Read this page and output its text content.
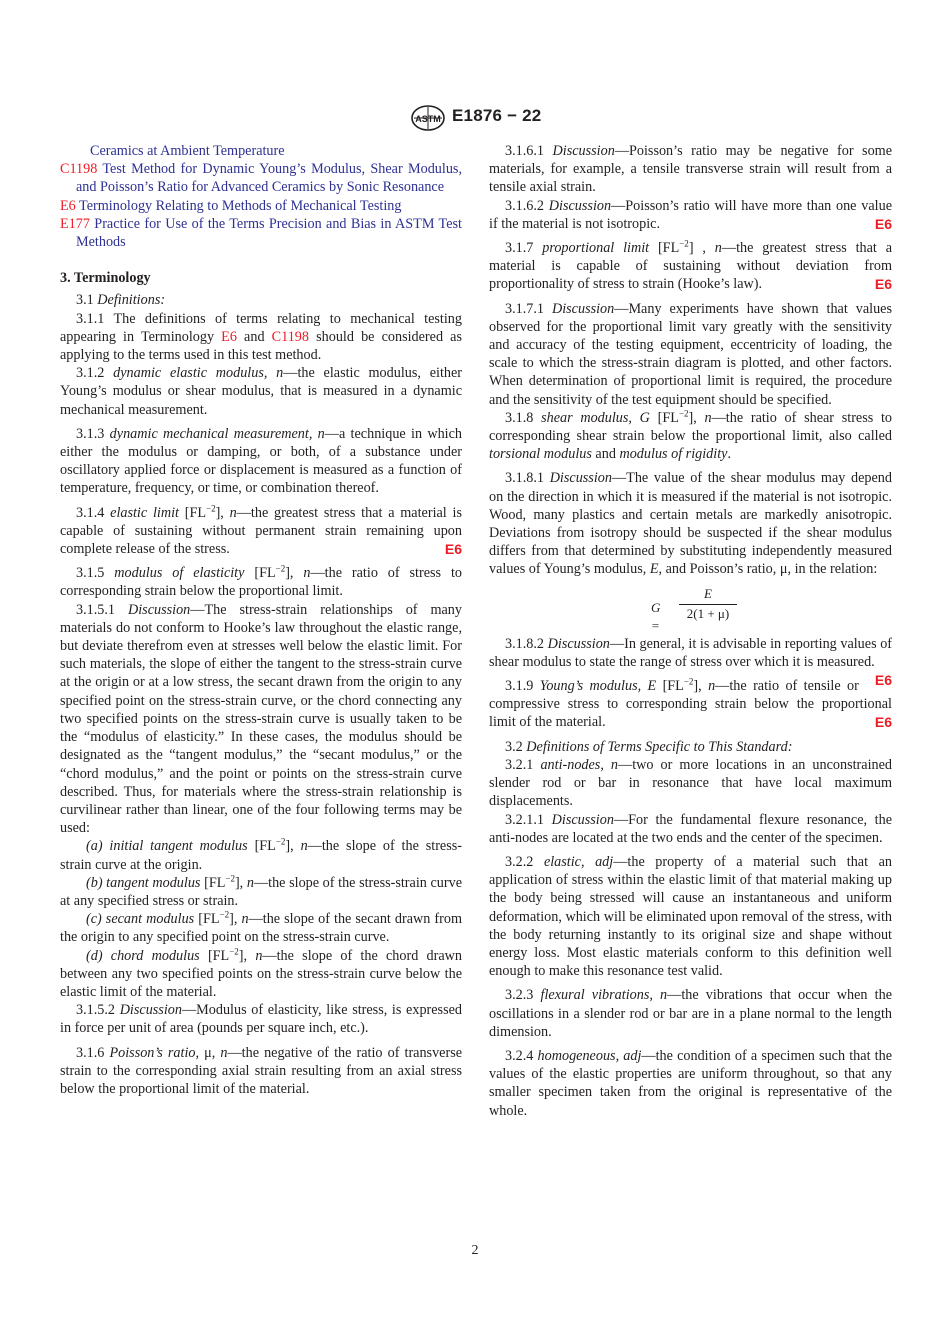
ASTM E1876 − 22

Ceramics at Ambient Temperature

C1198 Test Method for Dynamic Young’s Modulus, Shear Modulus, and Poisson’s Ratio for Advanced Ceramics by Sonic Resonance

E6 Terminology Relating to Methods of Mechanical Testing

E177 Practice for Use of the Terms Precision and Bias in ASTM Test Methods

3. Terminology

3.1 Definitions:

3.1.1 The definitions of terms relating to mechanical testing appearing in Terminology E6 and C1198 should be considered as applying to the terms used in this test method.

3.1.2 dynamic elastic modulus, n—the elastic modulus, either Young’s modulus or shear modulus, that is measured in a dynamic mechanical measurement.

3.1.3 dynamic mechanical measurement, n—a technique in which either the modulus or damping, or both, of a substance under oscillatory applied force or displacement is measured as a function of temperature, frequency, or time, or combination thereof.

3.1.4 elastic limit $[FL^{-2}]$, n—the greatest stress that a material is capable of sustaining without permanent strain remaining upon complete release of the stress.	E6

3.1.5 modulus of elasticity $[FL^{-2}]$, n—the ratio of stress to corresponding strain below the proportional limit.

3.1.5.1 Discussion—The stress-strain relationships of many materials do not conform to Hooke’s law throughout the elastic range, but deviate therefrom even at stresses well below the elastic limit. For such materials, the slope of either the tangent to the stress-strain curve at the origin or at a low stress, the secant drawn from the origin to any specified point on the stress-strain curve, or the chord connecting any two specified points on the stress-strain curve is usually taken to be the “modulus of elasticity.” In these cases, the modulus should be designated as the “tangent modulus,” the “secant modulus,” or the “chord modulus,” and the point or points on the stress-strain curve described. Thus, for materials where the stress-strain relationship is curvilinear rather than linear, one of the four following terms may be used:

(a) initial tangent modulus $[FL^{-2}]$, n—the slope of the stress-strain curve at the origin.

(b) tangent modulus $[FL^{-2}]$, n—the slope of the stress-strain curve at any specified stress or strain.

(c) secant modulus $[FL^{-2}]$, n—the slope of the secant drawn from the origin to any specified point on the stress-strain curve.

(d) chord modulus $[FL^{-2}]$, n—the slope of the chord drawn between any two specified points on the stress-strain curve below the elastic limit of the material.

3.1.5.2 Discussion—Modulus of elasticity, like stress, is expressed in force per unit of area (pounds per square inch, etc.).

3.1.6 Poisson’s ratio, μ, n—the negative of the ratio of transverse strain to the corresponding axial strain resulting from an axial stress below the proportional limit of the material.

3.1.6.1 Discussion—Poisson’s ratio may be negative for some materials, for example, a tensile transverse strain will result from a tensile axial strain.

3.1.6.2 Discussion—Poisson’s ratio will have more than one value if the material is not isotropic.	E6

3.1.7 proportional limit $[FL^{-2}]$ , n—the greatest stress that a material is capable of sustaining without deviation from proportionality of stress to strain (Hooke’s law).	E6

3.1.7.1 Discussion—Many experiments have shown that values observed for the proportional limit vary greatly with the sensitivity and accuracy of the testing equipment, eccentricity of loading, the scale to which the stress-strain diagram is plotted, and other factors. When determination of proportional limit is required, the procedure and the sensitivity of the test equipment should be specified.

3.1.8 shear modulus, G $[FL^{-2}]$, n—the ratio of shear stress to corresponding shear strain below the proportional limit, also called torsional modulus and modulus of rigidity.

3.1.8.1 Discussion—The value of the shear modulus may depend on the direction in which it is measured if the material is not isotropic. Wood, many plastics and certain metals are markedly anisotropic. Deviations from isotropy should be suspected if the shear modulus differs from that determined by substituting independently measured values of Young’s modulus, E, and Poisson’s ratio, μ, in the relation:

G =
$\frac{E}{2(1 + \mu)}$

3.1.8.2 Discussion—In general, it is advisable in reporting values of shear modulus to state the range of stress over which it is measured.
E6

3.1.9 Young’s modulus, E $[FL^{-2}]$, n—the ratio of tensile or compressive stress to corresponding strain below the proportional limit of the material.	E6

3.2 Definitions of Terms Specific to This Standard:

3.2.1 anti-nodes, n—two or more locations in an unconstrained slender rod or bar in resonance that have local maximum displacements.

3.2.1.1 Discussion—For the fundamental flexure resonance, the anti-nodes are located at the two ends and the center of the specimen.

3.2.2 elastic, adj—the property of a material such that an application of stress within the elastic limit of that material making up the body being stressed will cause an instantaneous and uniform deformation, which will be eliminated upon removal of the stress, with the body returning instantly to its original size and shape without energy loss. Most elastic materials conform to this definition well enough to make this resonance test valid.

3.2.3 flexural vibrations, n—the vibrations that occur when the oscillations in a slender rod or bar are in a plane normal to the length dimension.

3.2.4 homogeneous, adj—the condition of a specimen such that the values of the elastic properties are uniform throughout, so that any smaller specimen taken from the original is representative of the whole.

2
